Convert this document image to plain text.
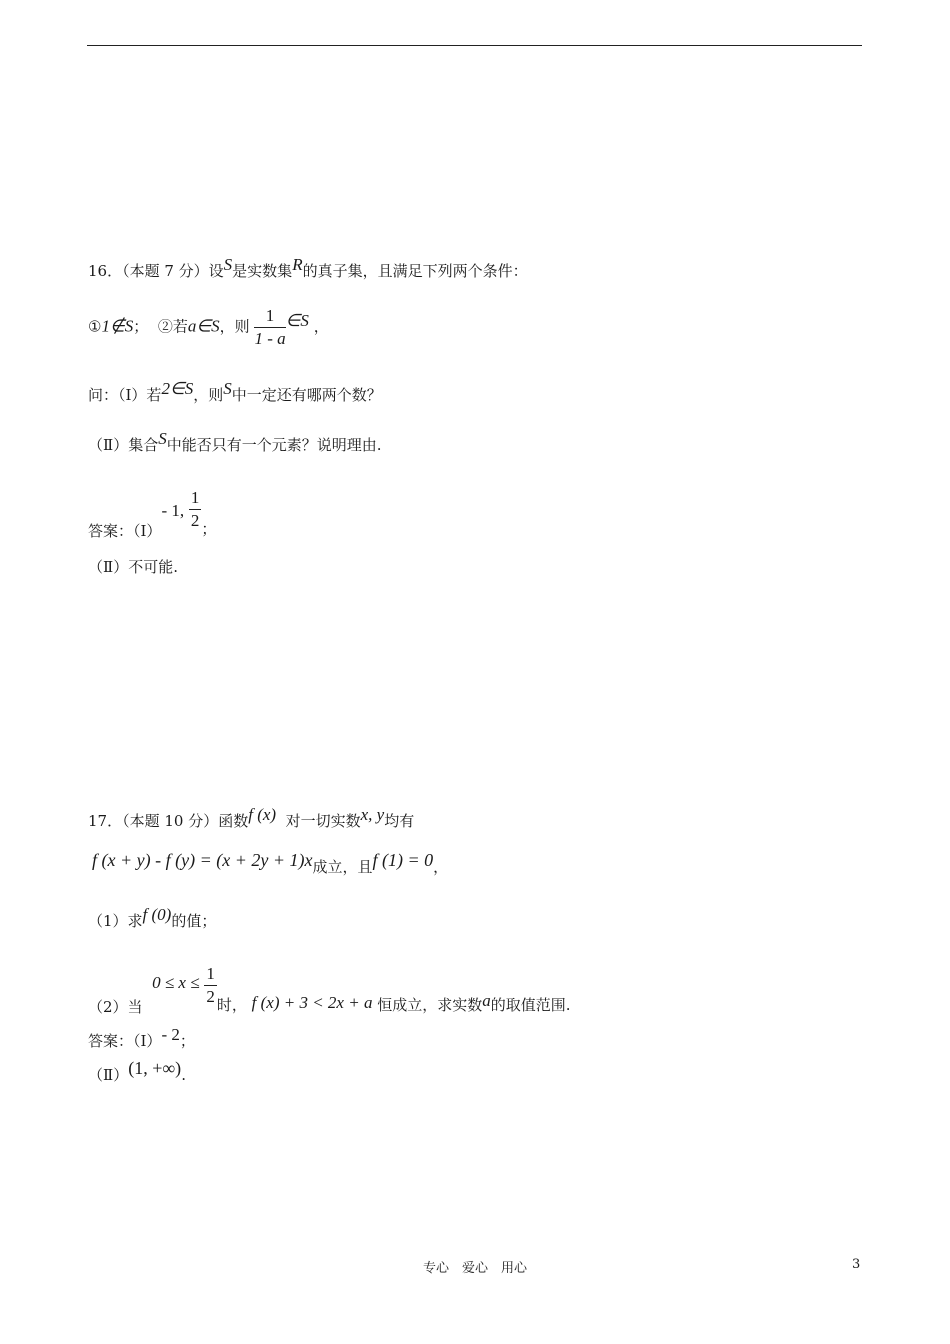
16．（本题 7 分）设S是实数集R的真子集，且满足下列两个条件：
①1∉S； ②若a∈S，则 $\frac{1}{1 - a}$ ∈S ，
问：（Ⅰ）若2∈S，则S中一定还有哪两个数？
（Ⅱ）集合S中能否只有一个元素？说明理由.
答案：（Ⅰ）- 1, $\frac{1}{2}$ ；
（Ⅱ）不可能.
17．（本题 10 分）函数f (x) 对一切实数x, y均有
f (x + y) - f (y) = (x + 2y + 1)x成立，且f (1) = 0，
（1）求f (0)的值；
（2）当  $0 \le x \le \frac{1}{2}$ 时， f (x) + 3 < 2x + a 恒成立，求实数a的取值范围.
答案：（Ⅰ）- 2；
（Ⅱ）(1, +∞).
专心　爱心　用心	3
